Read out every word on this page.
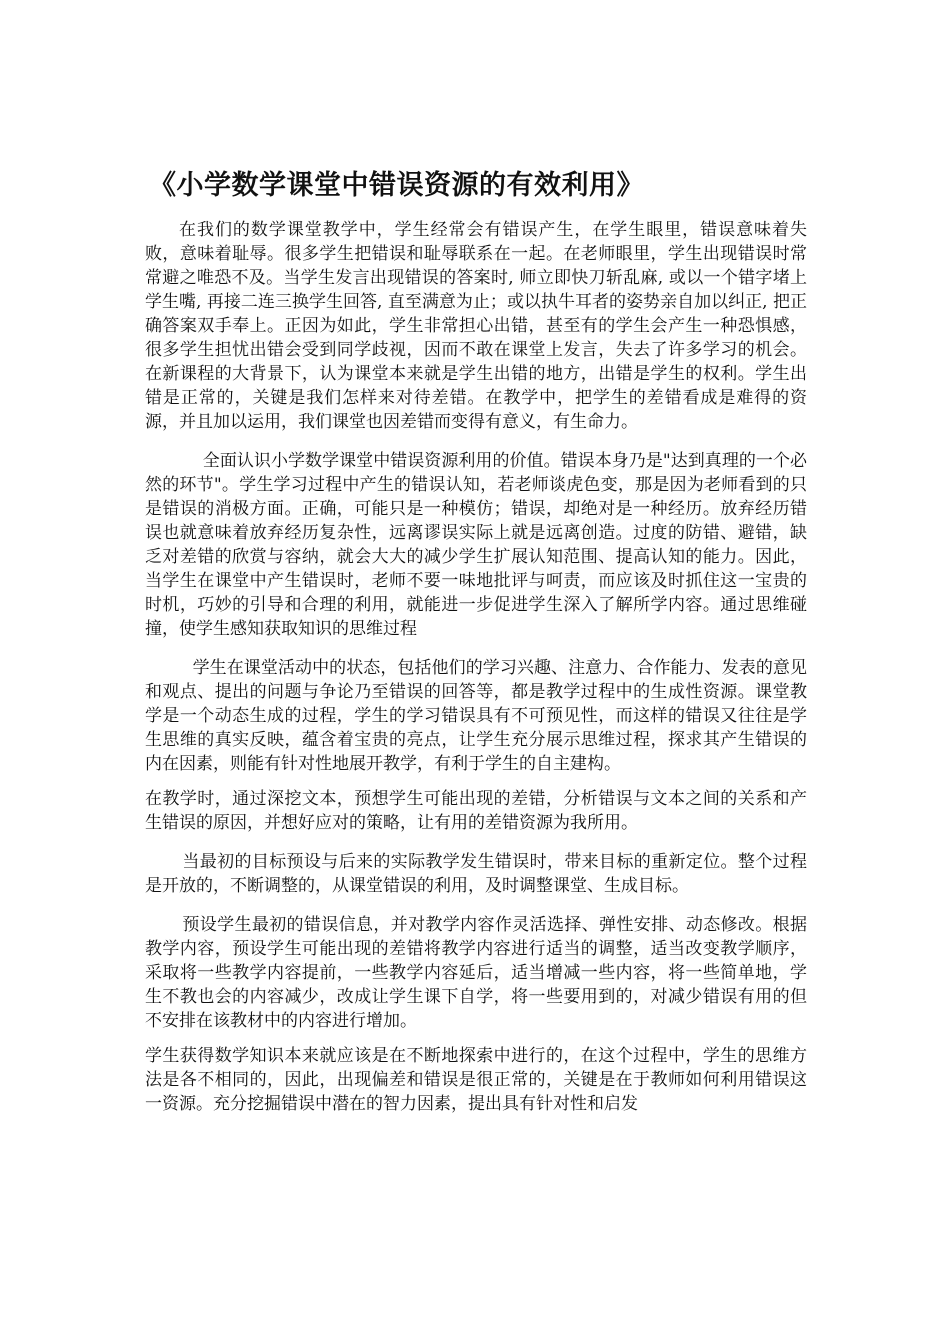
《小学数学课堂中错误资源的有效利用》

在我们的数学课堂教学中，学生经常会有错误产生，在学生眼里，错误意味着失败，意味着耻辱。很多学生把错误和耻辱联系在一起。在老师眼里，学生出现错误时常常避之唯恐不及。当学生发言出现错误的答案时, 师立即快刀斩乱麻, 或以一个错字堵上学生嘴, 再接二连三换学生回答, 直至满意为止；或以执牛耳者的姿势亲自加以纠正, 把正确答案双手奉上。正因为如此，学生非常担心出错，甚至有的学生会产生一种恐惧感，很多学生担忧出错会受到同学歧视，因而不敢在课堂上发言，失去了许多学习的机会。在新课程的大背景下，认为课堂本来就是学生出错的地方，出错是学生的权利。学生出错是正常的，关键是我们怎样来对待差错。在教学中，把学生的差错看成是难得的资源，并且加以运用，我们课堂也因差错而变得有意义，有生命力。

全面认识小学数学课堂中错误资源利用的价值。错误本身乃是"达到真理的一个必然的环节"。学生学习过程中产生的错误认知，若老师谈虎色变，那是因为老师看到的只是错误的消极方面。正确，可能只是一种模仿；错误，却绝对是一种经历。放弃经历错误也就意味着放弃经历复杂性，远离谬误实际上就是远离创造。过度的防错、避错，缺乏对差错的欣赏与容纳，就会大大的减少学生扩展认知范围、提高认知的能力。因此，当学生在课堂中产生错误时，老师不要一味地批评与呵责，而应该及时抓住这一宝贵的时机，巧妙的引导和合理的利用，就能进一步促进学生深入了解所学内容。通过思维碰撞，使学生感知获取知识的思维过程

学生在课堂活动中的状态，包括他们的学习兴趣、注意力、合作能力、发表的意见和观点、提出的问题与争论乃至错误的回答等，都是教学过程中的生成性资源。课堂教学是一个动态生成的过程，学生的学习错误具有不可预见性，而这样的错误又往往是学生思维的真实反映，蕴含着宝贵的亮点，让学生充分展示思维过程，探求其产生错误的内在因素，则能有针对性地展开教学，有利于学生的自主建构。

在教学时，通过深挖文本，预想学生可能出现的差错，分析错误与文本之间的关系和产生错误的原因，并想好应对的策略，让有用的差错资源为我所用。

当最初的目标预设与后来的实际教学发生错误时，带来目标的重新定位。整个过程是开放的，不断调整的，从课堂错误的利用，及时调整课堂、生成目标。

预设学生最初的错误信息，并对教学内容作灵活选择、弹性安排、动态修改。根据教学内容，预设学生可能出现的差错将教学内容进行适当的调整，适当改变教学顺序，采取将一些教学内容提前，一些教学内容延后，适当增减一些内容，将一些简单地，学生不教也会的内容减少，改成让学生课下自学，将一些要用到的，对减少错误有用的但不安排在该教材中的内容进行增加。

学生获得数学知识本来就应该是在不断地探索中进行的，在这个过程中，学生的思维方法是各不相同的，因此，出现偏差和错误是很正常的，关键是在于教师如何利用错误这一资源。充分挖掘错误中潜在的智力因素，提出具有针对性和启发
